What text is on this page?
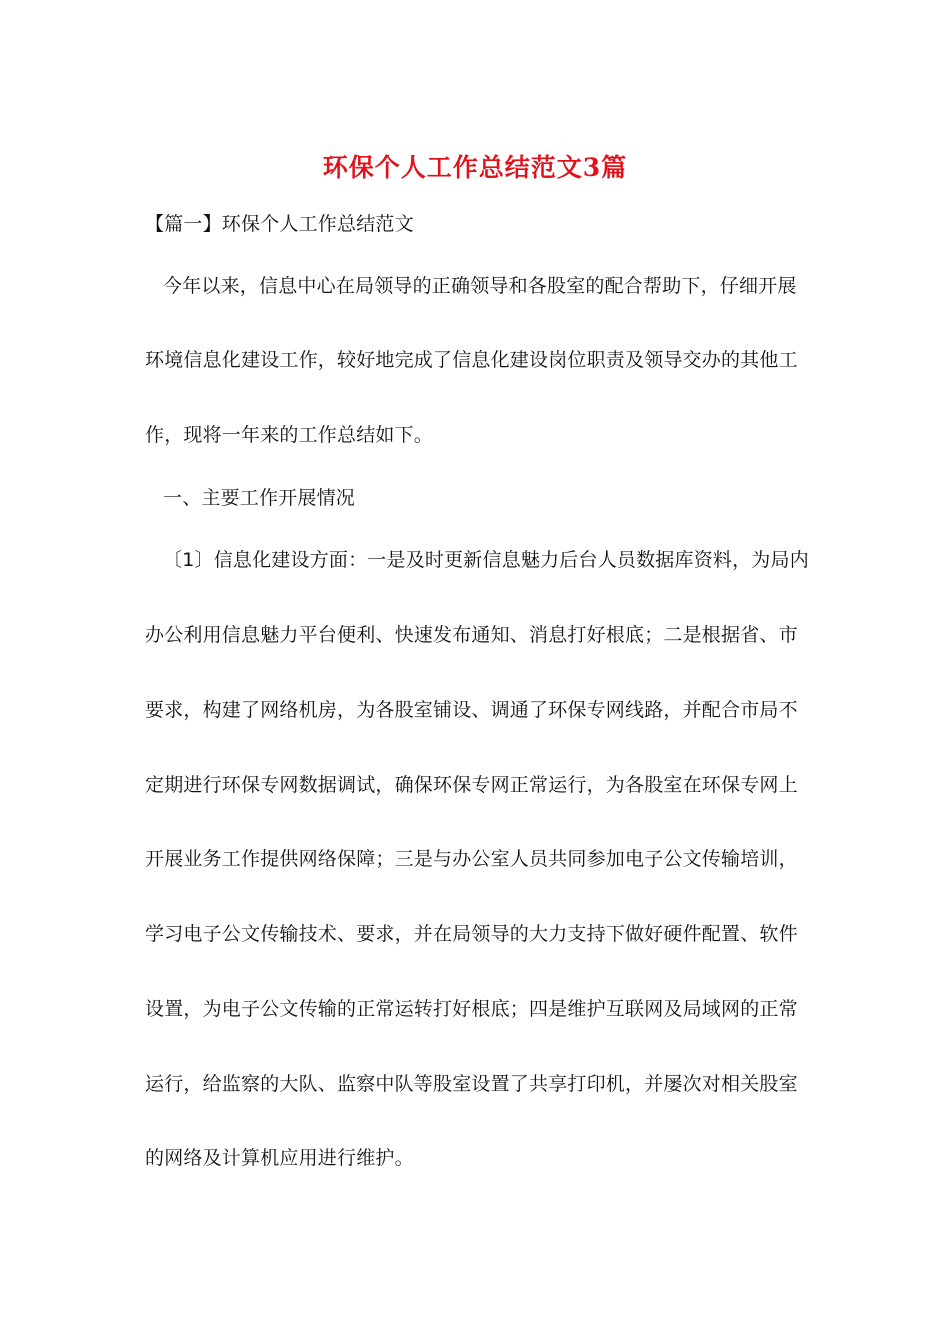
环保个人工作总结范文3篇
【篇一】环保个人工作总结范文
今年以来，信息中心在局领导的正确领导和各股室的配合帮助下，仔细开展
环境信息化建设工作，较好地完成了信息化建设岗位职责及领导交办的其他工
作，现将一年来的工作总结如下。
一、主要工作开展情况
〔1〕信息化建设方面：一是及时更新信息魅力后台人员数据库资料，为局内
办公利用信息魅力平台便利、快速发布通知、消息打好根底；二是根据省、市
要求，构建了网络机房，为各股室铺设、调通了环保专网线路，并配合市局不
定期进行环保专网数据调试，确保环保专网正常运行，为各股室在环保专网上
开展业务工作提供网络保障；三是与办公室人员共同参加电子公文传输培训，
学习电子公文传输技术、要求，并在局领导的大力支持下做好硬件配置、软件
设置，为电子公文传输的正常运转打好根底；四是维护互联网及局域网的正常
运行，给监察的大队、监察中队等股室设置了共享打印机，并屡次对相关股室
的网络及计算机应用进行维护。
